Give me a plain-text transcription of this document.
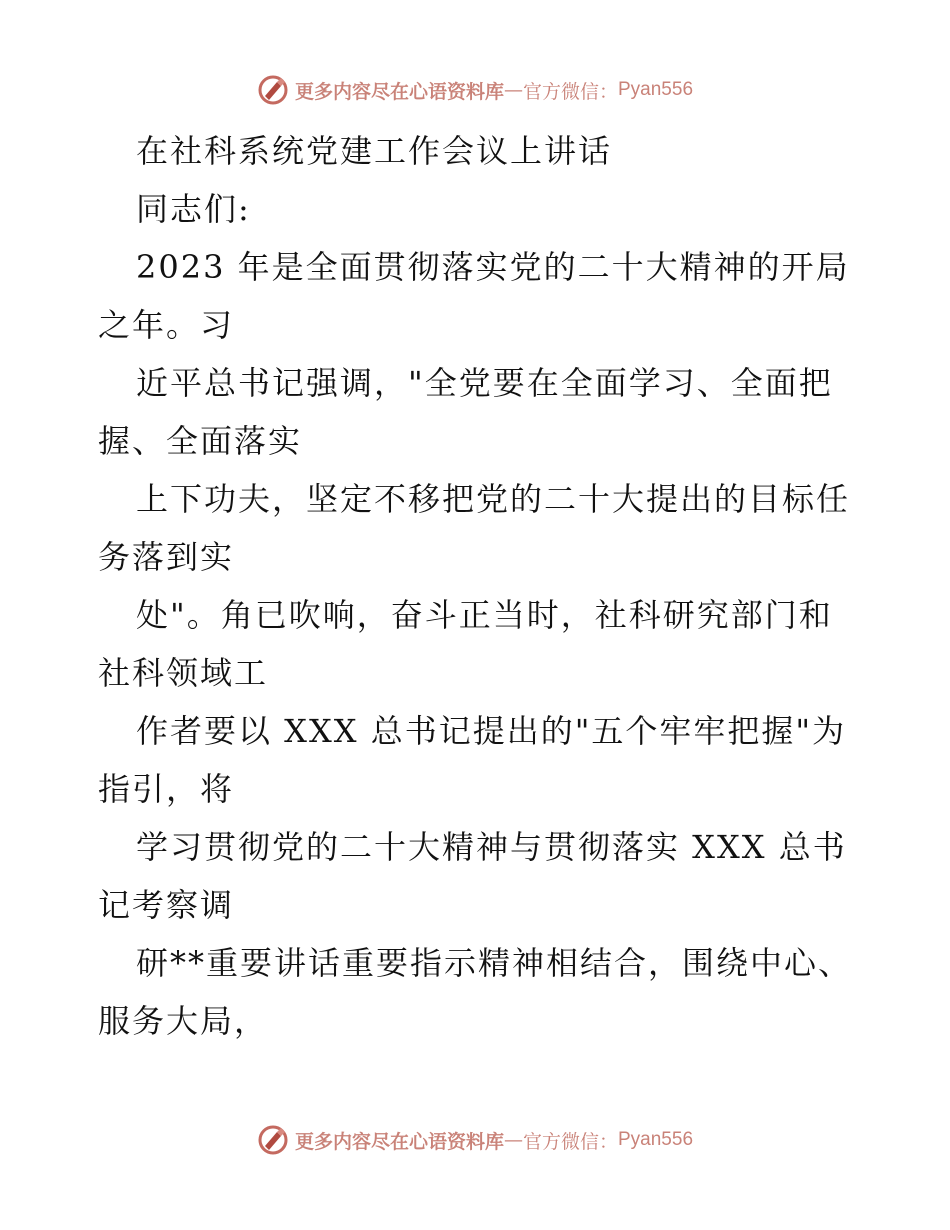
更多内容尽在心语资料库 — 官方微信： Pyan556
在社科系统党建工作会议上讲话
同志们:
2023 年是全面贯彻落实党的二十大精神的开局
之年。习
近平总书记强调，"全党要在全面学习、全面把
握、全面落实
上下功夫，坚定不移把党的二十大提出的目标任
务落到实
处"。角已吹响，奋斗正当时，社科研究部门和
社科领域工
作者要以 XXX 总书记提出的"五个牢牢把握"为
指引，将
学习贯彻党的二十大精神与贯彻落实 XXX 总书
记考察调
研**重要讲话重要指示精神相结合，围绕中心、
服务大局，
更多内容尽在心语资料库 — 官方微信： Pyan556
